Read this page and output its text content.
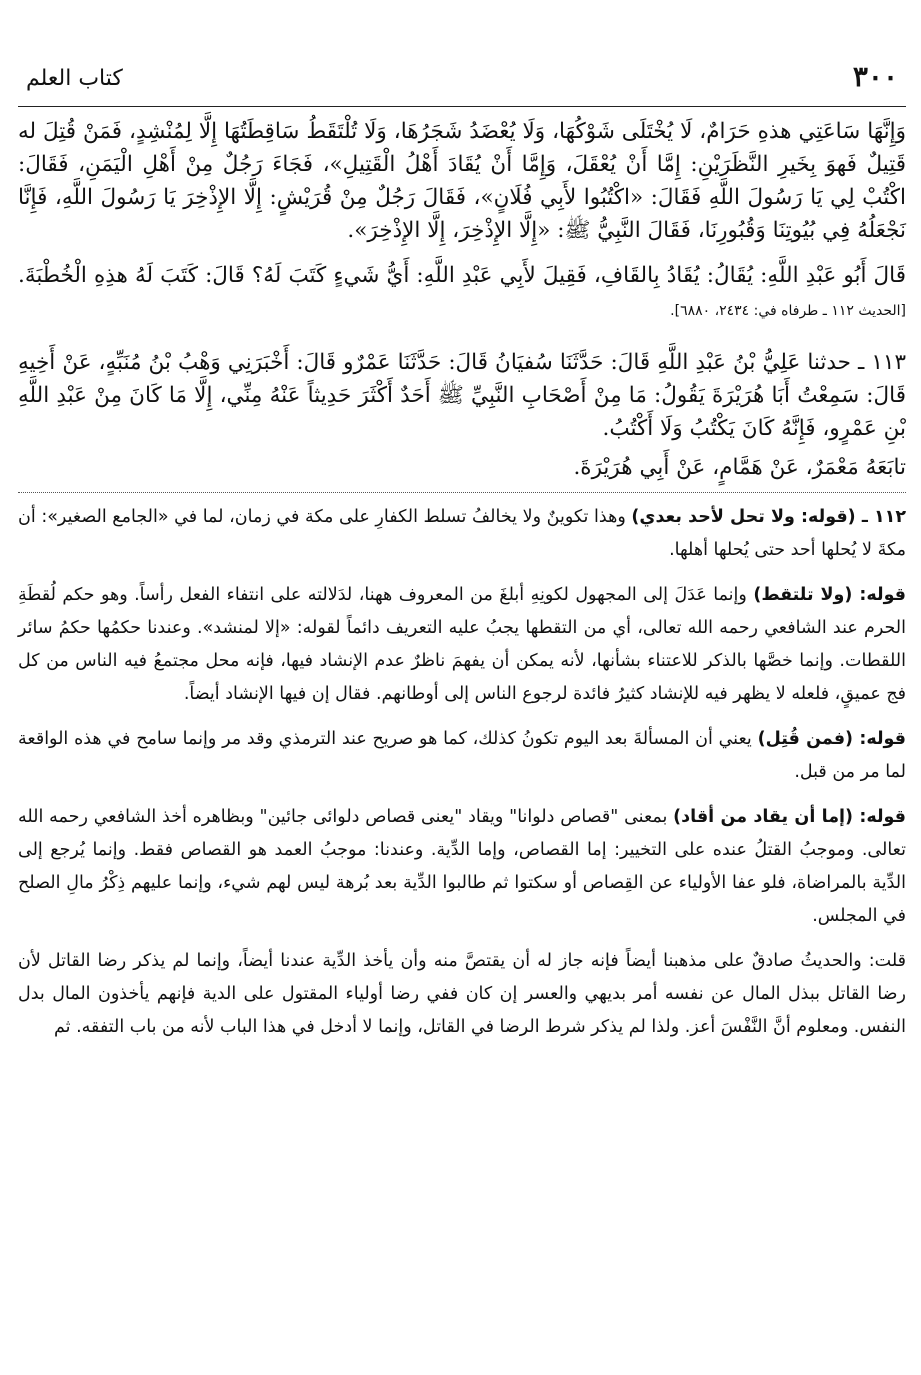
٣٠٠
كتاب العلم

وَإِنَّهَا سَاعَتِي هذهِ حَرَامٌ، لَا يُخْتَلَى شَوْكُهَا، وَلَا يُعْضَدُ شَجَرُهَا، وَلَا تُلْتَقَطُ سَاقِطَتُهَا إِلَّا لِمُنْشِدٍ، فَمَنْ قُتِلَ له قَتِيلٌ فَهوَ بِخَيرِ النَّظَرَيْنِ: إِمَّا أَنْ يُعْقَلَ، وَإِمَّا أَنْ يُقَادَ أَهْلُ الْقَتِيلِ»، فَجَاءَ رَجُلٌ مِنْ أَهْلِ الْيَمَنِ، فَقَالَ: اكْتُبْ لِي يَا رَسُولَ اللَّهِ فَقَالَ: «اكْتُبُوا لأَبِي فُلَانٍ»، فَقَالَ رَجُلٌ مِنْ قُرَيْشٍ: إِلَّا الإِذْخِرَ يَا رَسُولَ اللَّهِ، فَإِنَّا نَجْعَلُهُ فِي بُيُوتِنَا وَقُبُورِنَا، فَقَالَ النَّبِيُّ ﷺ: «إِلَّا الإِذْخِرَ، إِلَّا الإِذْخِرَ».

قَالَ أَبُو عَبْدِ اللَّهِ: يُقَالُ: يُقَادُ بِالقَافِ، فَقِيلَ لأَبِي عَبْدِ اللَّهِ: أَيُّ شَيءٍ كَتَبَ لَهُ؟ قَالَ: كَتَبَ لَهُ هذِهِ الْخُطْبَةَ. [الحديث ١١٢ ـ طرفاه في: ٢٤٣٤، ٦٨٨٠].

١١٣ ـ حدثنا عَلِيُّ بْنُ عَبْدِ اللَّهِ قَالَ: حَدَّثَنَا سُفيَانُ قَالَ: حَدَّثَنَا عَمْرٌو قَالَ: أَخْبَرَنِي وَهْبُ بْنُ مُنَبِّهٍ، عَنْ أَخِيهِ قَالَ: سَمِعْتُ أَبَا هُرَيْرَةَ يَقُولُ: مَا مِنْ أَصْحَابِ النَّبِيِّ ﷺ أَحَدٌ أَكْثَرَ حَدِيثاً عَنْهُ مِنِّي، إِلَّا مَا كَانَ مِنْ عَبْدِ اللَّهِ بْنِ عَمْرٍو، فَإِنَّهُ كَانَ يَكْتُبُ وَلَا أَكْتُبُ.

تابَعَهُ مَعْمَرٌ، عَنْ هَمَّامٍ، عَنْ أَبِي هُرَيْرَةَ.

١١٢ ـ (قوله: ولا تحل لأحد بعدي) وهذا تكوينٌ ولا يخالفُ تسلط الكفارِ على مكة في زمان، لما في «الجامع الصغير»: أن مكةَ لا يُحلها أحد حتى يُحلها أهلها.

قوله: (ولا تلتقط) وإنما عَدَلَ إلى المجهول لكونِهِ أبلغَ من المعروف ههنا، لدَلالته على انتفاء الفعل رأساً. وهو حكم لُقطَةِ الحرم عند الشافعي رحمه الله تعالى، أي من التقطها يجبُ عليه التعريف دائماً لقوله: «إلا لمنشد». وعندنا حكمُها حكمُ سائر اللقطات. وإنما خصَّها بالذكر للاعتناء بشأنها، لأنه يمكن أن يفهمَ ناظرٌ عدم الإنشاد فيها، فإنه محل مجتمعُ فيه الناس من كل فج عميقٍ، فلعله لا يظهر فيه للإنشاد كثيرُ فائدة لرجوع الناس إلى أوطانهم. فقال إن فيها الإنشاد أيضاً.

قوله: (فمن قُتِل) يعني أن المسألةَ بعد اليوم تكونُ كذلك، كما هو صريح عند الترمذي وقد مر وإنما سامح في هذه الواقعة لما مر من قبل.

قوله: (إما أن يقاد من أقاد) بمعنى "قصاص دلوانا" ويقاد "يعنى قصاص دلوائى جائين" وبظاهره أخذ الشافعي رحمه الله تعالى. وموجبُ القتلُ عنده على التخيير: إما القصاص، وإما الدِّية. وعندنا: موجبُ العمد هو القصاص فقط. وإنما يُرجع إلى الدِّية بالمراضاة، فلو عفا الأولياء عن القِصاص أو سكتوا ثم طالبوا الدِّية بعد بُرهة ليس لهم شيء، وإنما عليهم ذِكْرُ مالِ الصلح في المجلس.

قلت: والحديثُ صادقٌ على مذهبنا أيضاً فإنه جاز له أن يقتصَّ منه وأن يأخذ الدِّية عندنا أيضاً، وإنما لم يذكر رضا القاتل لأن رضا القاتل ببذل المال عن نفسه أمر بديهي والعسر إن كان ففي رضا أولياء المقتول على الدية فإنهم يأخذون المال بدل النفس. ومعلوم أنَّ النَّفْسَ أعز. ولذا لم يذكر شرط الرضا في القاتل، وإنما لا أدخل في هذا الباب لأنه من باب التفقه. ثم
